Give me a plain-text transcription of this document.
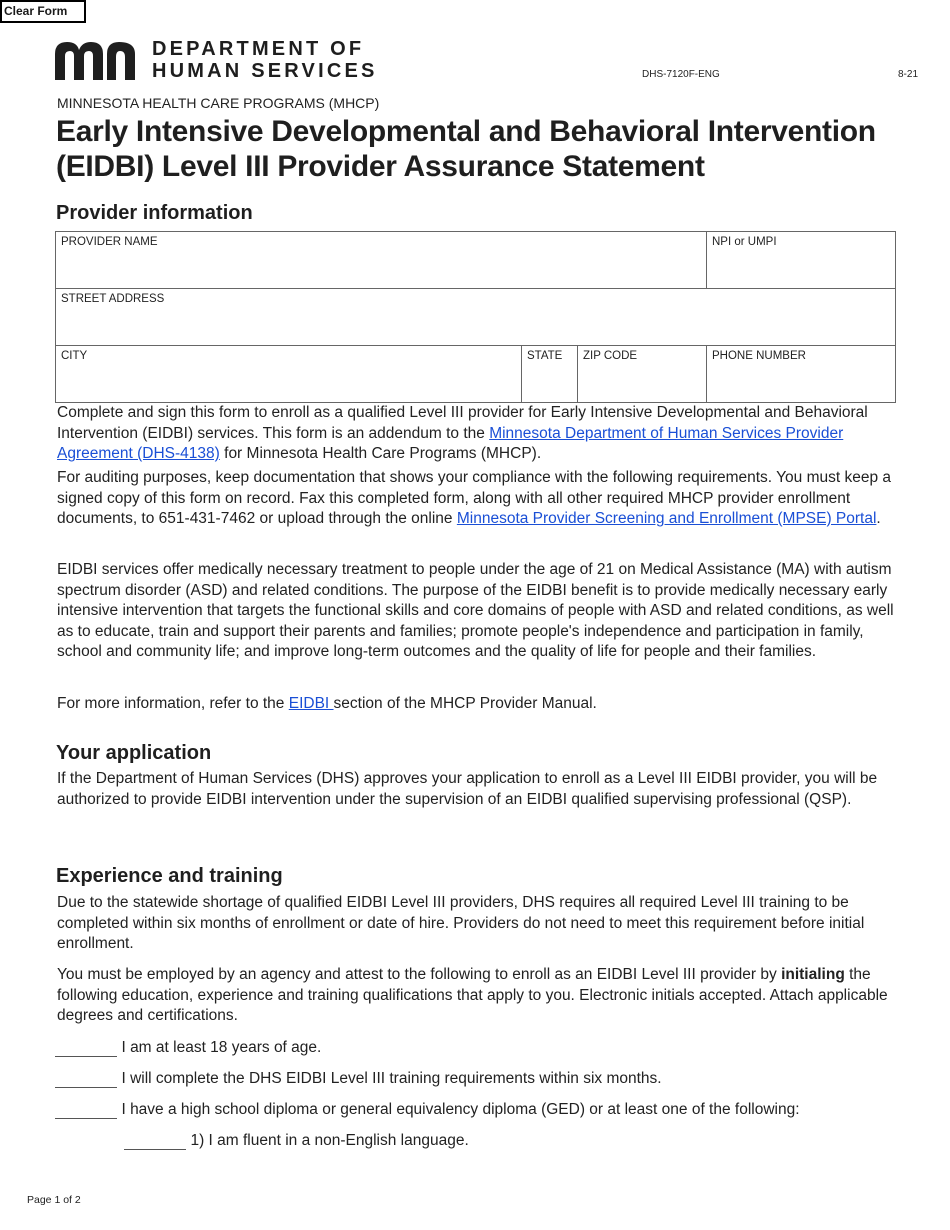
Clear Form
DEPARTMENT OF
HUMAN SERVICES	DHS-7120F-ENG	8-21
MINNESOTA HEALTH CARE PROGRAMS (MHCP)
Early Intensive Developmental and Behavioral Intervention
(EIDBI) Level III Provider Assurance Statement
Provider information
PROVIDER NAME			NPI or UMPI
STREET ADDRESS			
CITY	STATE	ZIP CODE	PHONE NUMBER
Complete and sign this form to enroll as a qualified Level III provider for Early Intensive Developmental and Behavioral Intervention (EIDBI) services. This form is an addendum to the Minnesota Department of Human Services Provider Agreement (DHS-4138) for Minnesota Health Care Programs (MHCP).
For auditing purposes, keep documentation that shows your compliance with the following requirements. You must keep a signed copy of this form on record. Fax this completed form, along with all other required MHCP provider enrollment documents, to 651-431-7462 or upload through the online Minnesota Provider Screening and Enrollment (MPSE) Portal.
EIDBI services offer medically necessary treatment to people under the age of 21 on Medical Assistance (MA) with autism spectrum disorder (ASD) and related conditions. The purpose of the EIDBI benefit is to provide medically necessary early intensive intervention that targets the functional skills and core domains of people with ASD and related conditions, as well as to educate, train and support their parents and families; promote people's independence and participation in family, school and community life; and improve long-term outcomes and the quality of life for people and their families.
For more information, refer to the EIDBI section of the MHCP Provider Manual.
Your application
If the Department of Human Services (DHS) approves your application to enroll as a Level III EIDBI provider, you will be authorized to provide EIDBI intervention under the supervision of an EIDBI qualified supervising professional (QSP).
Experience and training
Due to the statewide shortage of qualified EIDBI Level III providers, DHS requires all required Level III training to be completed within six months of enrollment or date of hire. Providers do not need to meet this requirement before initial enrollment.
You must be employed by an agency and attest to the following to enroll as an EIDBI Level III provider by initialing the following education, experience and training qualifications that apply to you. Electronic initials accepted. Attach applicable degrees and certifications.
I am at least 18 years of age.
I will complete the DHS EIDBI Level III training requirements within six months.
I have a high school diploma or general equivalency diploma (GED) or at least one of the following:
1) I am fluent in a non-English language.
Page 1 of 2
